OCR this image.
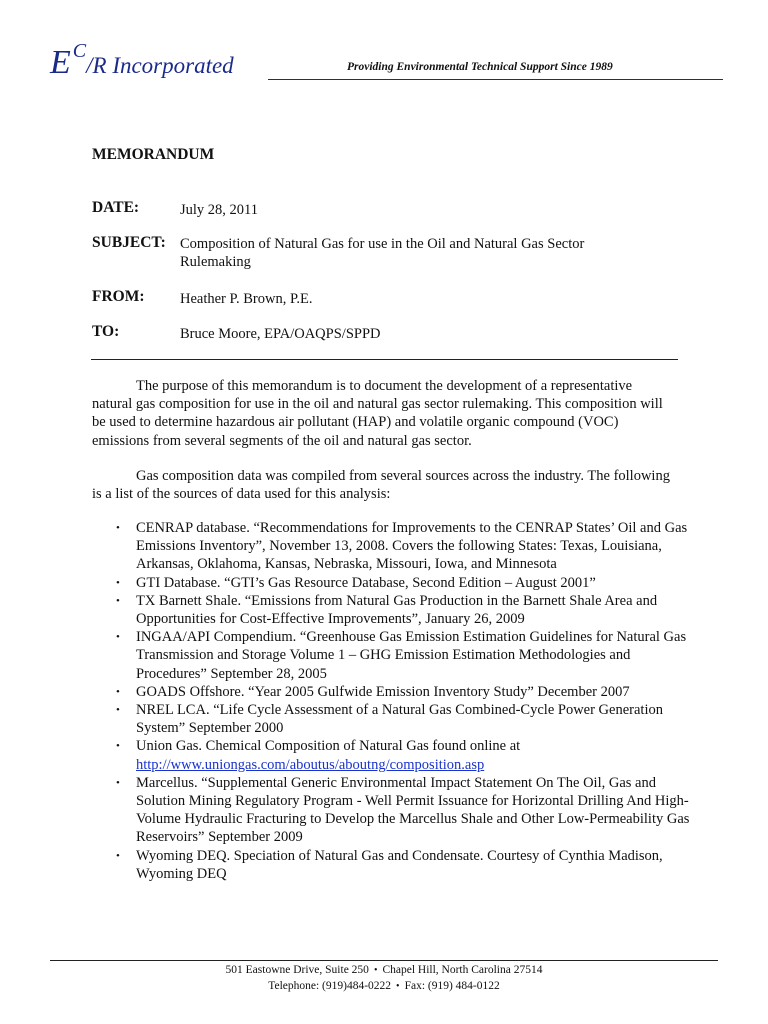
E C/R Incorporated	Providing Environmental Technical Support Since 1989
MEMORANDUM
DATE:	July 28, 2011
SUBJECT: Composition of Natural Gas for use in the Oil and Natural Gas Sector Rulemaking
FROM: Heather P. Brown, P.E.
TO:	Bruce Moore, EPA/OAQPS/SPPD

The purpose of this memorandum is to document the development of a representative natural gas composition for use in the oil and natural gas sector rulemaking. This composition will be used to determine hazardous air pollutant (HAP) and volatile organic compound (VOC) emissions from several segments of the oil and natural gas sector.

Gas composition data was compiled from several sources across the industry. The following is a list of the sources of data used for this analysis:

• CENRAP database. “Recommendations for Improvements to the CENRAP States’ Oil and Gas Emissions Inventory”, November 13, 2008. Covers the following States: Texas, Louisiana, Arkansas, Oklahoma, Kansas, Nebraska, Missouri, Iowa, and Minnesota
• GTI Database. “GTI’s Gas Resource Database, Second Edition – August 2001”
• TX Barnett Shale. “Emissions from Natural Gas Production in the Barnett Shale Area and Opportunities for Cost-Effective Improvements”, January 26, 2009
• INGAA/API Compendium. “Greenhouse Gas Emission Estimation Guidelines for Natural Gas Transmission and Storage Volume 1 – GHG Emission Estimation Methodologies and Procedures” September 28, 2005
• GOADS Offshore. “Year 2005 Gulfwide Emission Inventory Study” December 2007
• NREL LCA. “Life Cycle Assessment of a Natural Gas Combined-Cycle Power Generation System” September 2000
• Union Gas. Chemical Composition of Natural Gas found online at
http://www.uniongas.com/aboutus/aboutng/composition.asp
• Marcellus. “Supplemental Generic Environmental Impact Statement On The Oil, Gas and Solution Mining Regulatory Program - Well Permit Issuance for Horizontal Drilling And High-Volume Hydraulic Fracturing to Develop the Marcellus Shale and Other Low-Permeability Gas Reservoirs” September 2009
• Wyoming DEQ. Speciation of Natural Gas and Condensate. Courtesy of Cynthia Madison, Wyoming DEQ
501 Eastowne Drive, Suite 250 • Chapel Hill, North Carolina 27514
Telephone: (919)484-0222 • Fax: (919) 484-0122
